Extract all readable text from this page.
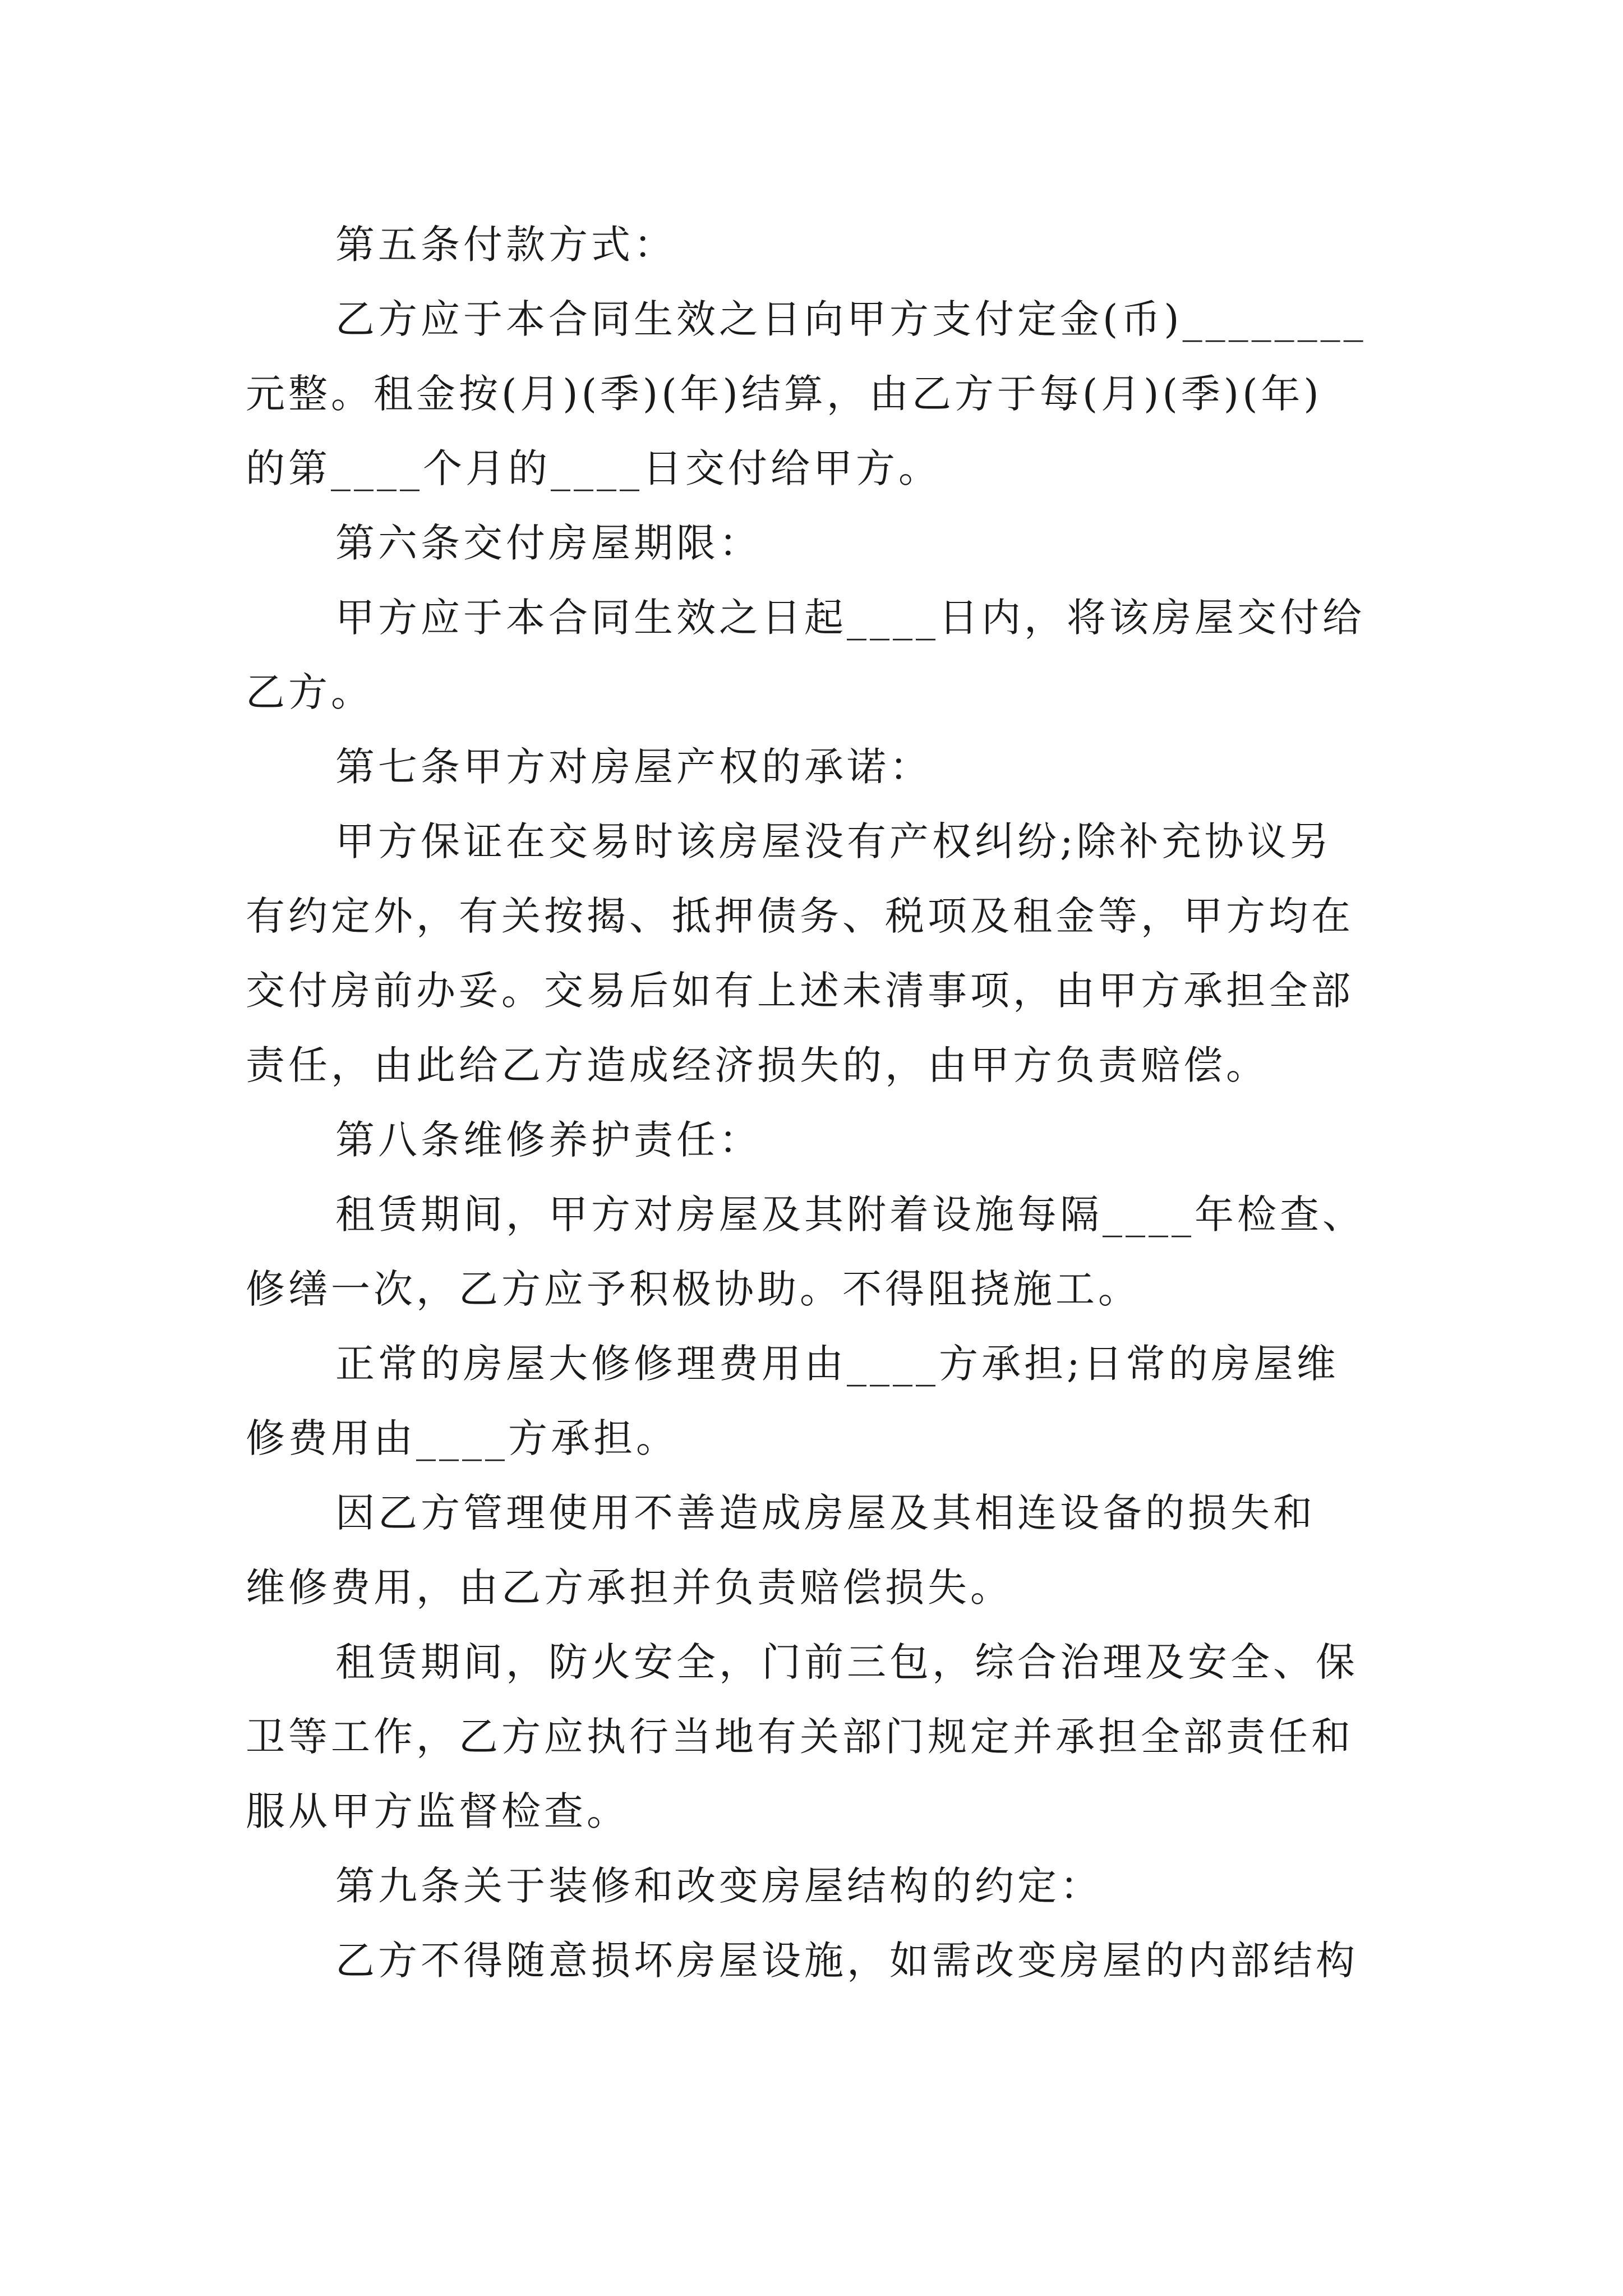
第五条付款方式：
乙方应于本合同生效之日向甲方支付定金(币)________
元整。租金按(月)(季)(年)结算，由乙方于每(月)(季)(年)
的第____个月的____日交付给甲方。
第六条交付房屋期限：
甲方应于本合同生效之日起____日内，将该房屋交付给
乙方。
第七条甲方对房屋产权的承诺：
甲方保证在交易时该房屋没有产权纠纷;除补充协议另
有约定外，有关按揭、抵押债务、税项及租金等，甲方均在
交付房前办妥。交易后如有上述未清事项，由甲方承担全部
责任，由此给乙方造成经济损失的，由甲方负责赔偿。
第八条维修养护责任：
租赁期间，甲方对房屋及其附着设施每隔____年检查、
修缮一次，乙方应予积极协助。不得阻挠施工。
正常的房屋大修修理费用由____方承担;日常的房屋维
修费用由____方承担。
因乙方管理使用不善造成房屋及其相连设备的损失和
维修费用，由乙方承担并负责赔偿损失。
租赁期间，防火安全，门前三包，综合治理及安全、保
卫等工作，乙方应执行当地有关部门规定并承担全部责任和
服从甲方监督检查。
第九条关于装修和改变房屋结构的约定：
乙方不得随意损坏房屋设施，如需改变房屋的内部结构
